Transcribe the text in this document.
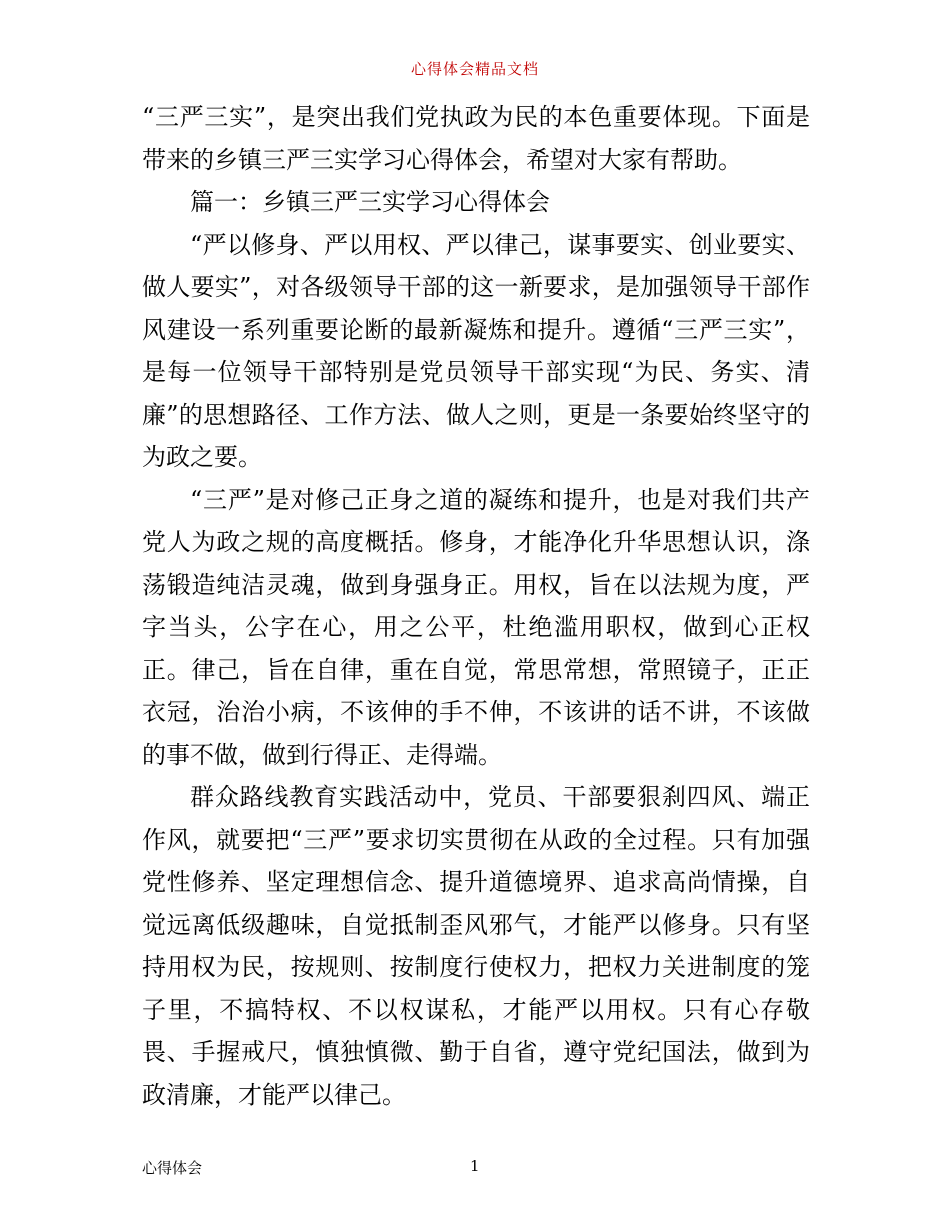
心得体会精品文档

“三严三实”，是突出我们党执政为民的本色重要体现。下面是带来的乡镇三严三实学习心得体会，希望对大家有帮助。

篇一：乡镇三严三实学习心得体会

“严以修身、严以用权、严以律己，谋事要实、创业要实、做人要实”，对各级领导干部的这一新要求，是加强领导干部作风建设一系列重要论断的最新凝炼和提升。遵循“三严三实”，是每一位领导干部特别是党员领导干部实现“为民、务实、清廉”的思想路径、工作方法、做人之则，更是一条要始终坚守的为政之要。

“三严”是对修己正身之道的凝练和提升，也是对我们共产党人为政之规的高度概括。修身，才能净化升华思想认识，涤荡锻造纯洁灵魂，做到身强身正。用权，旨在以法规为度，严字当头，公字在心，用之公平，杜绝滥用职权，做到心正权正。律己，旨在自律，重在自觉，常思常想，常照镜子，正正衣冠，治治小病，不该伸的手不伸，不该讲的话不讲，不该做的事不做，做到行得正、走得端。

群众路线教育实践活动中，党员、干部要狠刹四风、端正作风，就要把“三严”要求切实贯彻在从政的全过程。只有加强党性修养、坚定理想信念、提升道德境界、追求高尚情操，自觉远离低级趣味，自觉抵制歪风邪气，才能严以修身。只有坚持用权为民，按规则、按制度行使权力，把权力关进制度的笼子里，不搞特权、不以权谋私，才能严以用权。只有心存敬畏、手握戒尺，慎独慎微、勤于自省，遵守党纪国法，做到为政清廉，才能严以律己。

心得体会	1
